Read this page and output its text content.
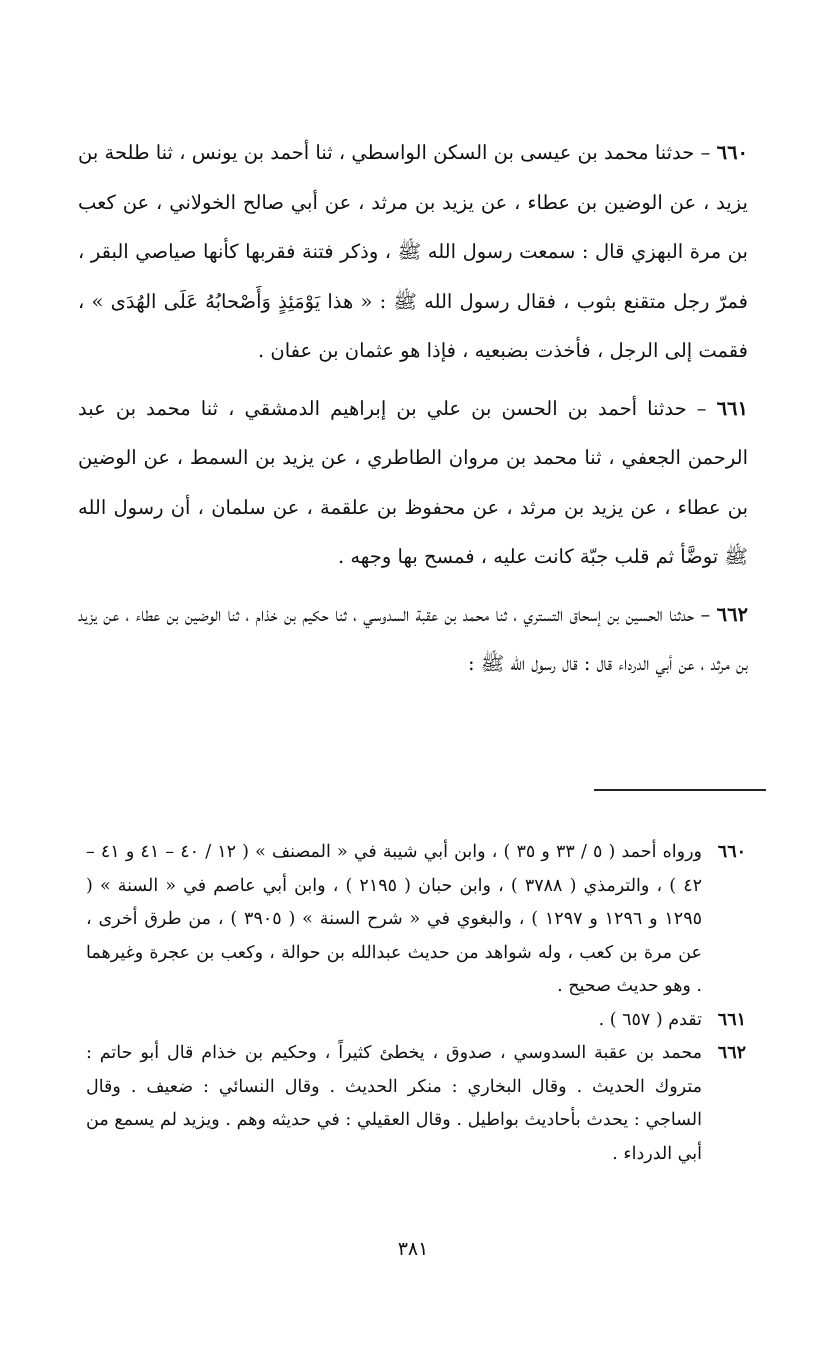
٦٦٠ – حدثنا محمد بن عيسى بن السكن الواسطي ، ثنا أحمد بن يونس ، ثنا طلحة بن يزيد ، عن الوضين بن عطاء ، عن يزيد بن مرثد ، عن أبي صالح الخولاني ، عن كعب بن مرة البهزي قال : سمعت رسول الله ﷺ ، وذكر فتنة فقربها كأنها صياصي البقر ، فمرّ رجل متقنع بثوب ، فقال رسول الله ﷺ : « هذا يَوْمَئِذٍ وَأَصْحابُهُ عَلَى الهُدَى » ، فقمت إلى الرجل ، فأخذت بضبعيه ، فإذا هو عثمان بن عفان .

٦٦١ – حدثنا أحمد بن الحسن بن علي بن إبراهيم الدمشقي ، ثنا محمد بن عبد الرحمن الجعفي ، ثنا محمد بن مروان الطاطري ، عن يزيد بن السمط ، عن الوضين بن عطاء ، عن يزيد بن مرثد ، عن محفوظ بن علقمة ، عن سلمان ، أن رسول الله ﷺ توضَّأ ثم قلب جبّة كانت عليه ، فمسح بها وجهه .

٦٦٢ – حدثنا الحسين بن إسحاق التستري ، ثنا محمد بن عقبة السدوسي ، ثنا حكيم بن خذام ، ثنا الوضين بن عطاء ، عن يزيد بن مرثد ، عن أبي الدرداء قال : قال رسول الله ﷺ :

٦٦٠
ورواه أحمد ( ٥ / ٣٣ و ٣٥ ) ، وابن أبي شيبة في « المصنف » ( ١٢ / ٤٠ – ٤١ و ٤١ – ٤٢ ) ، والترمذي ( ٣٧٨٨ ) ، وابن حبان ( ٢١٩٥ ) ، وابن أبي عاصم في « السنة » ( ١٢٩٥ و ١٢٩٦ و ١٢٩٧ ) ، والبغوي في « شرح السنة » ( ٣٩٠٥ ) ، من طرق أخرى ، عن مرة بن كعب ، وله شواهد من حديث عبدالله بن حوالة ، وكعب بن عجرة وغيرهما . وهو حديث صحيح .
٦٦١
تقدم ( ٦٥٧ ) .
٦٦٢
محمد بن عقبة السدوسي ، صدوق ، يخطئ كثيراً ، وحكيم بن خذام قال أبو حاتم : متروك الحديث . وقال البخاري : منكر الحديث . وقال النسائي : ضعيف . وقال الساجي : يحدث بأحاديث بواطيل . وقال العقيلي : في حديثه وهم . ويزيد لم يسمع من أبي الدرداء .
٣٨١
